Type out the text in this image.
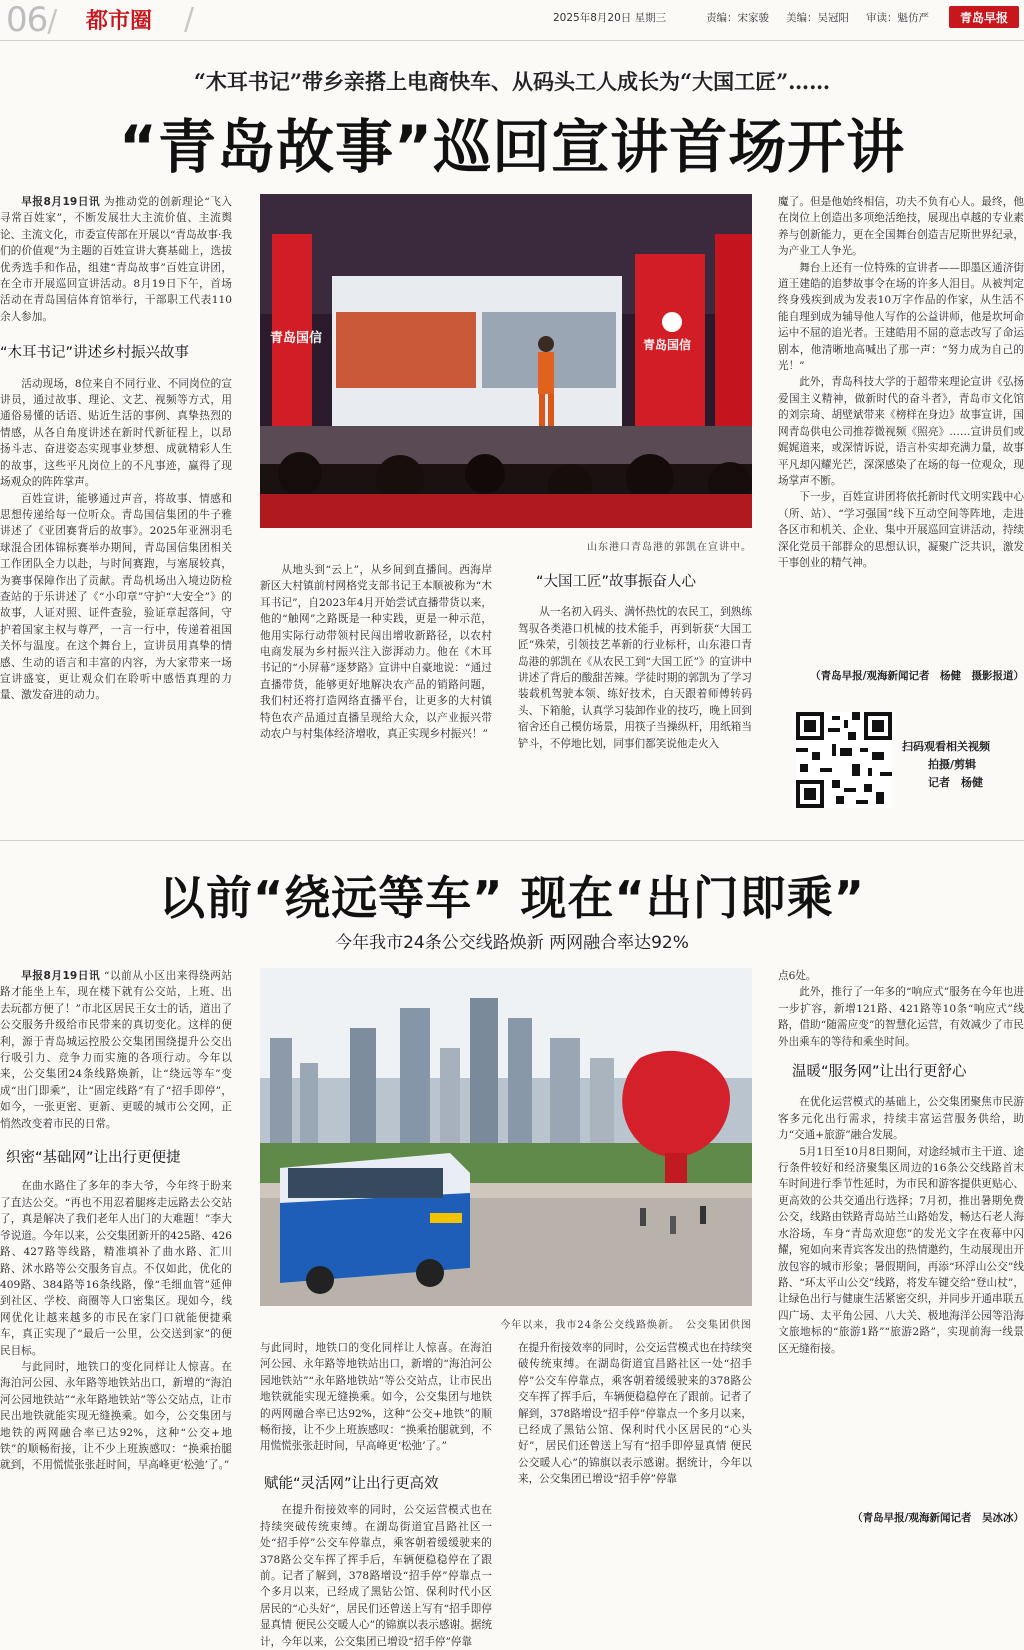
06/ 都市圈 /	2025年8月20日 星期三	责编：宋家骏 美编：吴冠阳 审读：魁仿严	青岛早报
“木耳书记”带乡亲搭上电商快车、从码头工人成长为“大国工匠”……
“青岛故事”巡回宣讲首场开讲

早报8月19日讯 为推动党的创新理论“飞入寻常百姓家”，不断发展壮大主流价值、主流舆论、主流文化，市委宣传部在开展以“青岛故事·我们的价值观”为主题的百姓宣讲大赛基础上，选拔优秀选手和作品，组建“青岛故事”百姓宣讲团，在全市开展巡回宣讲活动。8月19日下午，首场活动在青岛国信体育馆举行，干部职工代表110余人参加。

“木耳书记”讲述乡村振兴故事

活动现场，8位来自不同行业、不同岗位的宣讲员，通过故事、理论、文艺、视频等方式，用通俗易懂的话语、贴近生活的事例、真挚热烈的情感，从各自角度讲述在新时代新征程上，以昂扬斗志、奋进姿态实现事业梦想、成就精彩人生的故事，这些平凡岗位上的不凡事迹，赢得了现场观众的阵阵掌声。

百姓宣讲，能够通过声音，将故事、情感和思想传递给每一位听众。青岛国信集团的牛子雅讲述了《亚团赛背后的故事》。2025年亚洲羽毛球混合团体锦标赛举办期间，青岛国信集团相关工作团队全力以赴，与时间赛跑，与塞展较真，为赛事保障作出了贡献。青岛机场出入境边防检查站的于乐讲述了《“小印章”守护“大安全”》的故事，人证对照、证件查验，验证章起落间，守护着国家主权与尊严，一言一行中，传递着祖国关怀与温度。在这个舞台上，宣讲员用真挚的情感、生动的语言和丰富的内容，为大家带来一场宣讲盛宴，更让观众们在聆听中感悟真理的力量、激发奋进的动力。

青岛国信	青岛国信
山东港口青岛港的郭凯在宣讲中。

从地头到“云上”，从乡间到直播间。西海岸新区大村镇前村网格党支部书记王本顺被称为“木耳书记”，自2023年4月开始尝试直播带货以来，他的“触网”之路既是一种实践，更是一种示范，他用实际行动带领村民闯出增收新路径，以农村电商发展为乡村振兴注入澎湃动力。他在《木耳书记的“小屏幕”逐梦路》宣讲中自豪地说：“通过直播带货，能够更好地解决农产品的销路问题，我们村还将打造网络直播平台，让更多的大村镇特色农产品通过直播呈现给大众，以产业振兴带动农户与村集体经济增收，真正实现乡村振兴！”

“大国工匠”故事振奋人心

从一名初入码头、满怀热忱的农民工，到熟练驾驭各类港口机械的技术能手，再到斩获“大国工匠”殊荣，引领技艺革新的行业标杆，山东港口青岛港的郭凯在《从农民工到“大国工匠”》的宣讲中讲述了背后的酸甜苦辣。学徒时期的郭凯为了学习装载机驾驶本领、练好技术，白天跟着师傅转码头、下箱舱，认真学习装卸作业的技巧，晚上回到宿舍还自己模仿场景，用筷子当操纵杆，用纸箱当铲斗，不停地比划，同事们都笑说他走火入

魔了。但是他始终相信，功夫不负有心人。最终，他在岗位上创造出多项绝活绝技，展现出卓越的专业素养与创新能力，更在全国舞台创造吉尼斯世界纪录，为产业工人争光。

舞台上还有一位特殊的宣讲者——即墨区通济街道王建皓的追梦故事令在场的许多人泪目。从被判定终身残疾到成为发表10万字作品的作家，从生活不能自理到成为辅导他人写作的公益讲师，他是坎坷命运中不屈的追光者。王建皓用不屈的意志改写了命运剧本，他清晰地高喊出了那一声：“努力成为自己的光！”

此外，青岛科技大学的于超带来理论宣讲《弘扬爱国主义精神，做新时代的奋斗者》，青岛市文化馆的刘宗琦、胡壁斌带来《榜样在身边》故事宣讲，国网青岛供电公司推荐微视频《照亮》……宣讲员们或娓娓道来，或深情诉说，语言朴实却充满力量，故事平凡却闪耀光芒，深深感染了在场的每一位观众，现场掌声不断。

下一步，百姓宣讲团将依托新时代文明实践中心（所、站）、“学习强国”线下互动空间等阵地，走进各区市和机关、企业、集中开展巡回宣讲活动，持续深化党员干部群众的思想认识，凝聚广泛共识，激发干事创业的精气神。

（青岛早报/观海新闻记者　杨健　摄影报道）
扫码观看相关视频
拍摄/剪辑
记者　杨健
以前“绕远等车” 现在“出门即乘”
今年我市24条公交线路焕新 两网融合率达92%

早报8月19日讯 “以前从小区出来得绕两站路才能坐上车，现在楼下就有公交站，上班、出去玩都方便了！”市北区居民王女士的话，道出了公交服务升级给市民带来的真切变化。这样的便利，源于青岛城运控股公交集团围绕提升公交出行吸引力、竞争力而实施的各项行动。今年以来，公交集团24条线路焕新，让“绕远等车”变成“出门即乘”，让“固定线路”有了“招手即停”，如今，一张更密、更新、更暖的城市公交网，正悄然改变着市民的日常。

织密“基础网”让出行更便捷

在曲水路住了多年的李大爷，今年终于盼来了直达公交。“再也不用忍着腿疼走远路去公交站了，真是解决了我们老年人出门的大难题！”李大爷说道。今年以来，公交集团新开的425路、426路、427路等线路，精准填补了曲水路、汇川路、沭水路等公交服务盲点。不仅如此，优化的409路、384路等16条线路，像“毛细血管”延伸到社区、学校、商圈等人口密集区。现如今，线网优化让越来越多的市民在家门口就能便捷乘车，真正实现了“最后一公里，公交送到家”的便民目标。

与此同时，地铁口的变化同样让人惊喜。在海泊河公园、永年路等地铁站出口，新增的“海泊河公园地铁站”“永年路地铁站”等公交站点，让市民出地铁就能实现无缝换乘。如今，公交集团与地铁的两网融合率已达92%，这种“公交+地铁”的顺畅衔接，让不少上班族感叹：“换乘抬腿就到，不用慌慌张张赶时间，早高峰更‘松弛’了。”

今年以来，我市24条公交线路焕新。　公交集团供图

与此同时，地铁口的变化同样让人惊喜。在海泊河公园、永年路等地铁站出口，新增的“海泊河公园地铁站”“永年路地铁站”等公交站点，让市民出地铁就能实现无缝换乘。如今，公交集团与地铁的两网融合率已达92%，这种“公交+地铁”的顺畅衔接，让不少上班族感叹：“换乘抬腿就到，不用慌慌张张赶时间，早高峰更‘松弛’了。”

赋能“灵活网”让出行更高效

在提升衔接效率的同时，公交运营模式也在持续突破传统束缚。在湖岛街道宜昌路社区一处“招手停”公交车停靠点，乘客朝着缓缓驶来的378路公交车挥了挥手后，车辆便稳稳停在了跟前。记者了解到，378路增设“招手停”停靠点一个多月以来，已经成了黑钻公馆、保利时代小区居民的“心头好”，居民们还曾送上写有“招手即停显真情 便民公交暖人心”的锦旗以表示感谢。据统计，今年以来，公交集团已增设“招手停”停靠

在提升衔接效率的同时，公交运营模式也在持续突破传统束缚。在湖岛街道宜昌路社区一处“招手停”公交车停靠点，乘客朝着缓缓驶来的378路公交车挥了挥手后，车辆便稳稳停在了跟前。记者了解到，378路增设“招手停”停靠点一个多月以来，已经成了黑钻公馆、保利时代小区居民的“心头好”，居民们还曾送上写有“招手即停显真情 便民公交暖人心”的锦旗以表示感谢。据统计，今年以来，公交集团已增设“招手停”停靠

点6处。

此外，推行了一年多的“响应式”服务在今年也进一步扩容，新增121路、421路等10条“响应式”线路，借助“随需应变”的智慧化运营，有效减少了市民外出乘车的等待和乘坐时间。

温暖“服务网”让出行更舒心

在优化运营模式的基础上，公交集团聚焦市民游客多元化出行需求，持续丰富运营服务供给，助力“交通+旅游”融合发展。

5月1日至10月8日期间，对途经城市主干道、途行条件较好和经济聚集区周边的16条公交线路首末车时间进行季节性延时，为市民和游客提供更贴心、更高效的公共交通出行选择；7月初，推出暑期免费公交，线路由铁路青岛站兰山路始发，畅达石老人海水浴场，车身“青岛欢迎您”的发光文字在夜幕中闪耀，宛如向来青宾客发出的热情邀约，生动展现出开放包容的城市形象；暑假期间，再添“环浮山公交”线路、“环太平山公交”线路，将发车键交给“登山杖”，让绿色出行与健康生活紧密交织，并同步开通串联五四广场、太平角公园、八大关、极地海洋公园等沿海文旅地标的“旅游1路”“旅游2路”，实现前海一线景区无缝衔接。

（青岛早报/观海新闻记者　吴冰冰）
